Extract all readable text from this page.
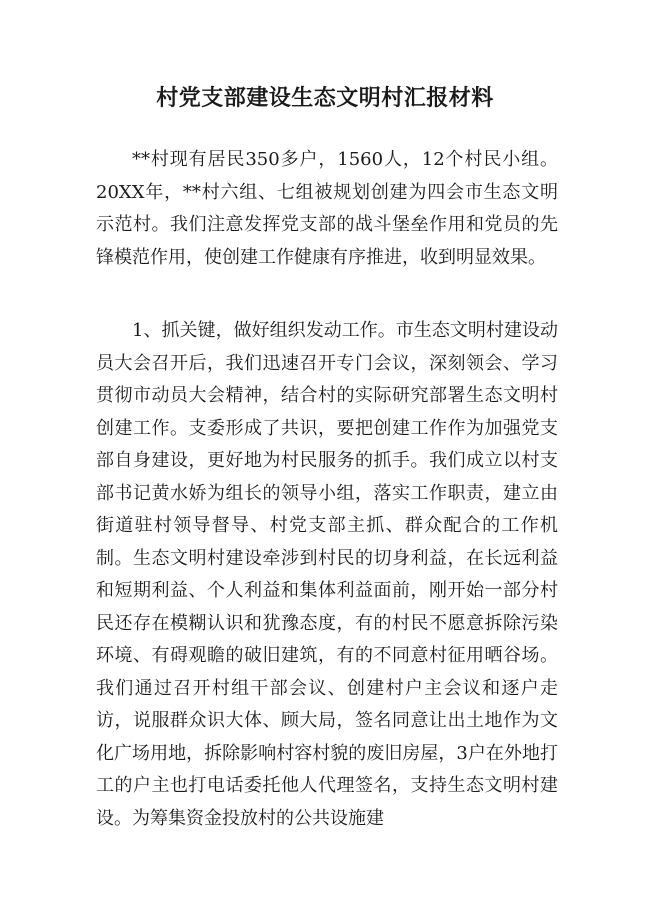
村党支部建设生态文明村汇报材料

**村现有居民350多户，1560人，12个村民小组。20XX年，**村六组、七组被规划创建为四会市生态文明示范村。我们注意发挥党支部的战斗堡垒作用和党员的先锋模范作用，使创建工作健康有序推进，收到明显效果。

1、抓关键，做好组织发动工作。市生态文明村建设动员大会召开后，我们迅速召开专门会议，深刻领会、学习贯彻市动员大会精神，结合村的实际研究部署生态文明村创建工作。支委形成了共识，要把创建工作作为加强党支部自身建设，更好地为村民服务的抓手。我们成立以村支部书记黄水娇为组长的领导小组，落实工作职责，建立由街道驻村领导督导、村党支部主抓、群众配合的工作机制。生态文明村建设牵涉到村民的切身利益，在长远利益和短期利益、个人利益和集体利益面前，刚开始一部分村民还存在模糊认识和犹豫态度，有的村民不愿意拆除污染环境、有碍观瞻的破旧建筑，有的不同意村征用晒谷场。我们通过召开村组干部会议、创建村户主会议和逐户走访，说服群众识大体、顾大局，签名同意让出土地作为文化广场用地，拆除影响村容村貌的废旧房屋，3户在外地打工的户主也打电话委托他人代理签名，支持生态文明村建设。为筹集资金投放村的公共设施建
